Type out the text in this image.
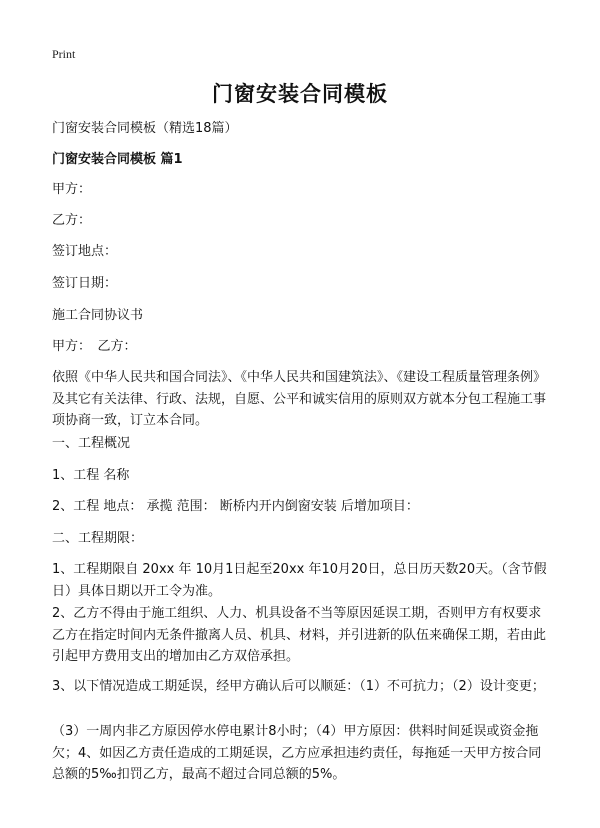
Print
门窗安装合同模板
门窗安装合同模板（精选18篇）
门窗安装合同模板 篇1
甲方：
乙方：
签订地点：
签订日期：
施工合同协议书
甲方：　乙方：
依照《中华人民共和国合同法》、《中华人民共和国建筑法》、《建设工程质量管理条例》及其它有关法律、行政、法规，自愿、公平和诚实信用的原则双方就本分包工程施工事项协商一致，订立本合同。
一、工程概况
1、工程 名称
2、工程 地点： 承揽 范围： 断桥内开内倒窗安装 后增加项目：
二、工程期限：
1、工程期限自 20xx 年 10月1日起至20xx 年10月20日，总日历天数20天。（含节假日）具体日期以开工令为准。
2、乙方不得由于施工组织、人力、机具设备不当等原因延误工期，否则甲方有权要求乙方在指定时间内无条件撤离人员、机具、材料，并引进新的队伍来确保工期，若由此引起甲方费用支出的增加由乙方双倍承担。
3、以下情况造成工期延误，经甲方确认后可以顺延：（1）不可抗力；（2）设计变更；
（3）一周内非乙方原因停水停电累计8小时；（4）甲方原因：供料时间延误或资金拖欠；4、如因乙方责任造成的工期延误，乙方应承担违约责任，每拖延一天甲方按合同总额的5‰扣罚乙方，最高不超过合同总额的5%。
